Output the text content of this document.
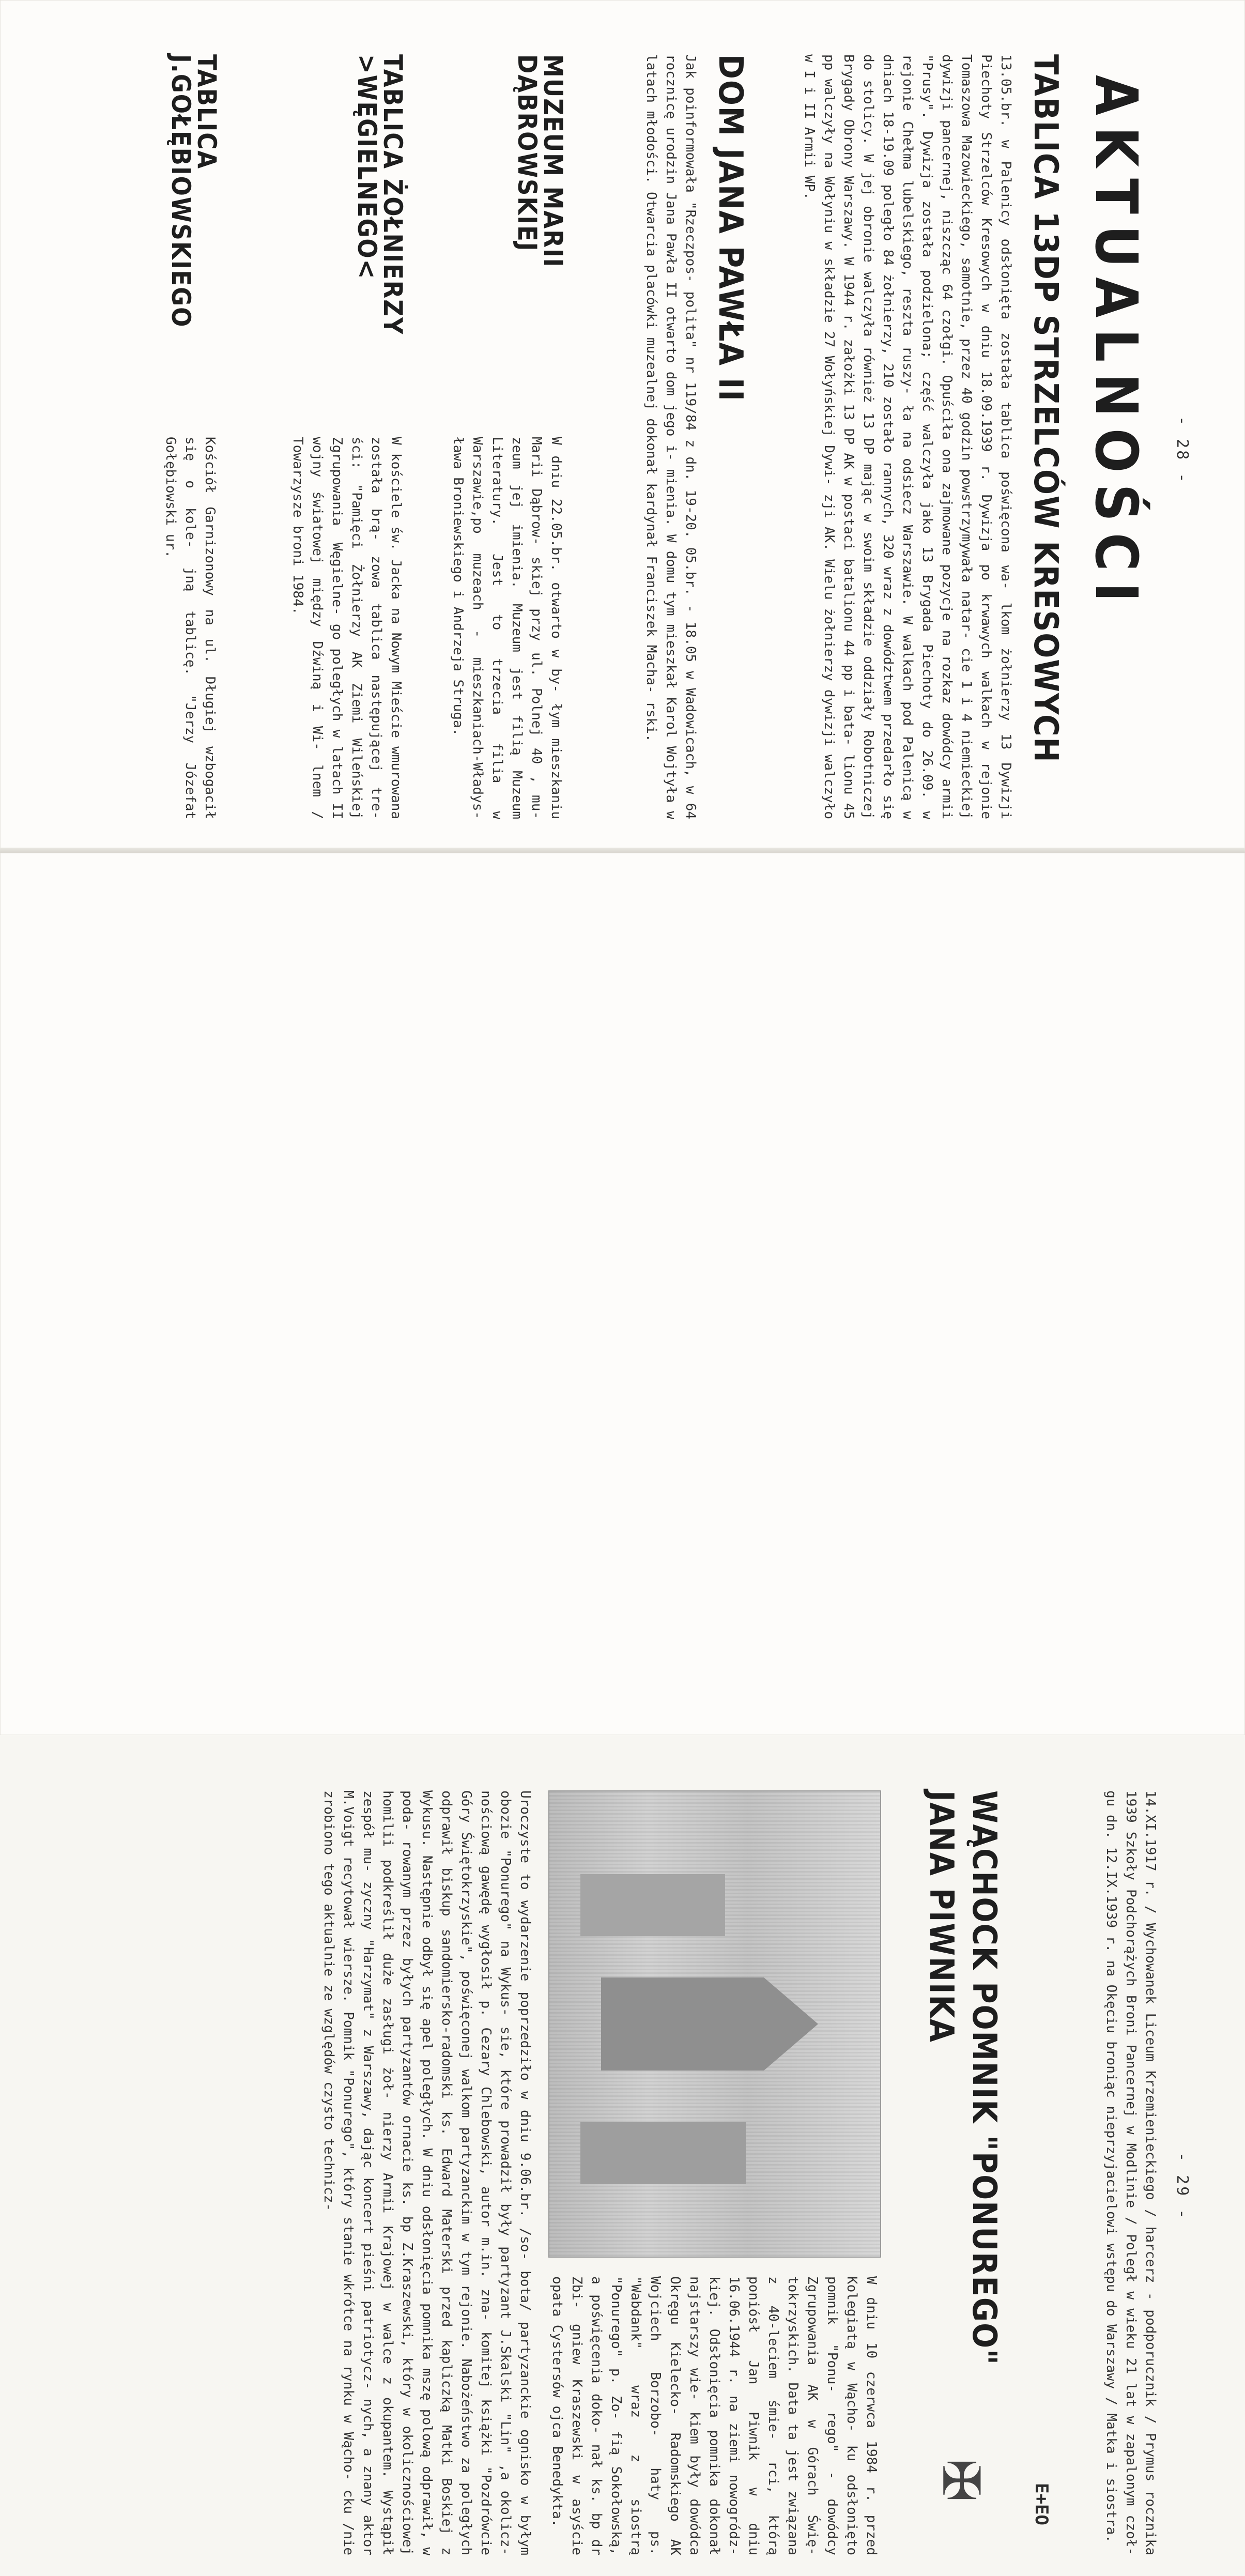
- 28 -
AKTUALNOŚCI
TABLICA 13DP STRZELCÓW KRESOWYCH
13.05.br. w Palenicy odsłonięta została tablica poświęcona wa- lkom żołnierzy 13 Dywizji Piechoty Strzelców Kresowych w dniu 18.09.1939 r. Dywizja po krwawych walkach w rejonie Tomaszowa Mazowieckiego, samotnie, przez 40 godzin powstrzymywała natar- cie 1 i 4 niemieckiej dywizji pancernej, niszcząc 64 czołgi. Opuściła ona zajmowane pozycje na rozkaz dowódcy armii "Prusy". Dywizja została podzielona; część walczyła jako 13 Brygada Piechoty do 26.09. w rejonie Chełma lubelskiego, reszta ruszy- ła na odsiecz Warszawie. W walkach pod Palenicą w dniach 18-19.09 poległo 84 żołnierzy, 210 zostało rannych, 320 wraz z dowództwem przedarło się do stolicy. W jej obronie walczyła również 13 DP mając w swoim składzie oddziały Robotniczej Brygady Obrony Warszawy. W 1944 r. założki 13 DP AK w postaci batalionu 44 pp i bata- lionu 45 pp walczyły na Wołyniu w składzie 27 Wołyńskiej Dywi- zji AK. Wielu żołnierzy dywizji walczyło w I i II Armii WP.
DOM JANA PAWŁA II
Jak poinformowała "Rzeczpos- polita" nr 119/84 z dn. 19-20. 05.br. - 18.05 w Wadowicach, w 64 rocznicę urodzin Jana Pawła II otwarto dom jego i- mienia. W domu tym mieszkał Karol Wojtyła w latach młodości. Otwarcia placówki muzealnej dokonał kardynał Franciszek Macha- rski.
MUZEUM MARII DĄBROWSKIEJ
W dniu 22.05.br. otwarto w by- łym mieszkaniu Marii Dąbrow- skiej przy ul. Polnej 40 , mu- zeum jej imienia. Muzeum jest filią Muzeum Literatury. Jest to trzecia filia w Warszawie,po muzeach - mieszkaniach-Władys- ława Broniewskiego i Andrzeja Struga.
TABLICA ŻOŁNIERZY >WĘGIELNEGO<
W kościele św. Jacka na Nowym Mieście wmurowana została brą- zowa tablica następującej tre- ści: "Pamięci Żołnierzy AK Ziemi Wileńskiej Zgrupowania  Węgielne- go poległych w latach II wojny światowej między Dźwiną i Wi- lnem / Towarzysze broni 1984.
TABLICA J.GOŁĘBIOWSKIEGO
Kościół Garnizonowy na ul. Długiej wzbogacił się o kole- jną tablicę. "Jerzy Józefat Gołębiowski ur.
- 29 -
14.XI.1917 r. / Wychowanek Liceum Krzemienieckiego / harcerz - podporucznik / Prymus rocznika 1939 Szkoły Podchorążych Broni Pancernej w Modlinie / Poległ w wieku 21 lat w zapalonym czoł- gu dn. 12.IX.1939 r. na Okęciu broniąc nieprzyjacielowi wstępu do Warszawy / Matka i siostra.
E+EO
WĄCHOCK POMNIK "PONUREGO" JANA PIWNIKA
✠
W dniu 10 czerwca 1984 r. przed Kolegiatą w Wącho- ku odsłonięto pomnik "Ponu- rego" - dowódcy Zgrupowania AK w Górach Świę- tokrzyskich. Data ta jest związana z 40-leciem śmie- rci, którą poniósł Jan Piwnik w dniu 16.06.1944 r. na ziemi nowogródz- kiej. Odsłonięcia pomnika dokonał najstarszy wie- kiem były dowódca Okręgu Kielecko- Radomskiego AK Wojciech Borzobo- haty ps. "Wabdank" wraz z siostrą "Ponurego" p. Zo- fią Sokołowską, a poświęcenia doko- nał ks. bp dr Zbi- gniew Kraszewski w asyście opata Cystersów ojca Benedykta.
Uroczyste to wydarzenie poprzedziło w dniu 9.06.br. /so- bota/ partyzanckie ognisko w byłym obozie "Ponurego" na Wykus- sie, które prowadził były partyzant J.Skalski "Lin" ,a okolicz- nościową gawędę wygłosił p. Cezary Chlebowski, autor m.in. zna- komitej książki "Pozdrówcie Góry Świętokrzyskie", poświęconej walkom partyzanckim w tym rejonie. Nabożeństwo za poległych odprawił biskup sandomiersko-radomski ks. Edward Materski przed kapliczką Matki Boskiej z Wykusu. Następnie odbył się apel poległych. W dniu odsłonięcia pomnika mszę polową odprawił, w poda- rowanym przez byłych partyzantów ornacie ks. bp Z.Kraszewski, który w okolicznościowej homilii podkreślił duże zasługi żoł- nierzy Armii Krajowej w walce z okupantem. Wystąpił zespół mu- zyczny "Harzymat" z Warszawy, dając koncert pieśni patriotycz- nych, a znany aktor M.Voigt recytował wiersze. Pomnik "Ponurego", który stanie wkrótce na rynku w Wącho- cku /nie zrobiono tego aktualnie ze względów czysto technicz-
